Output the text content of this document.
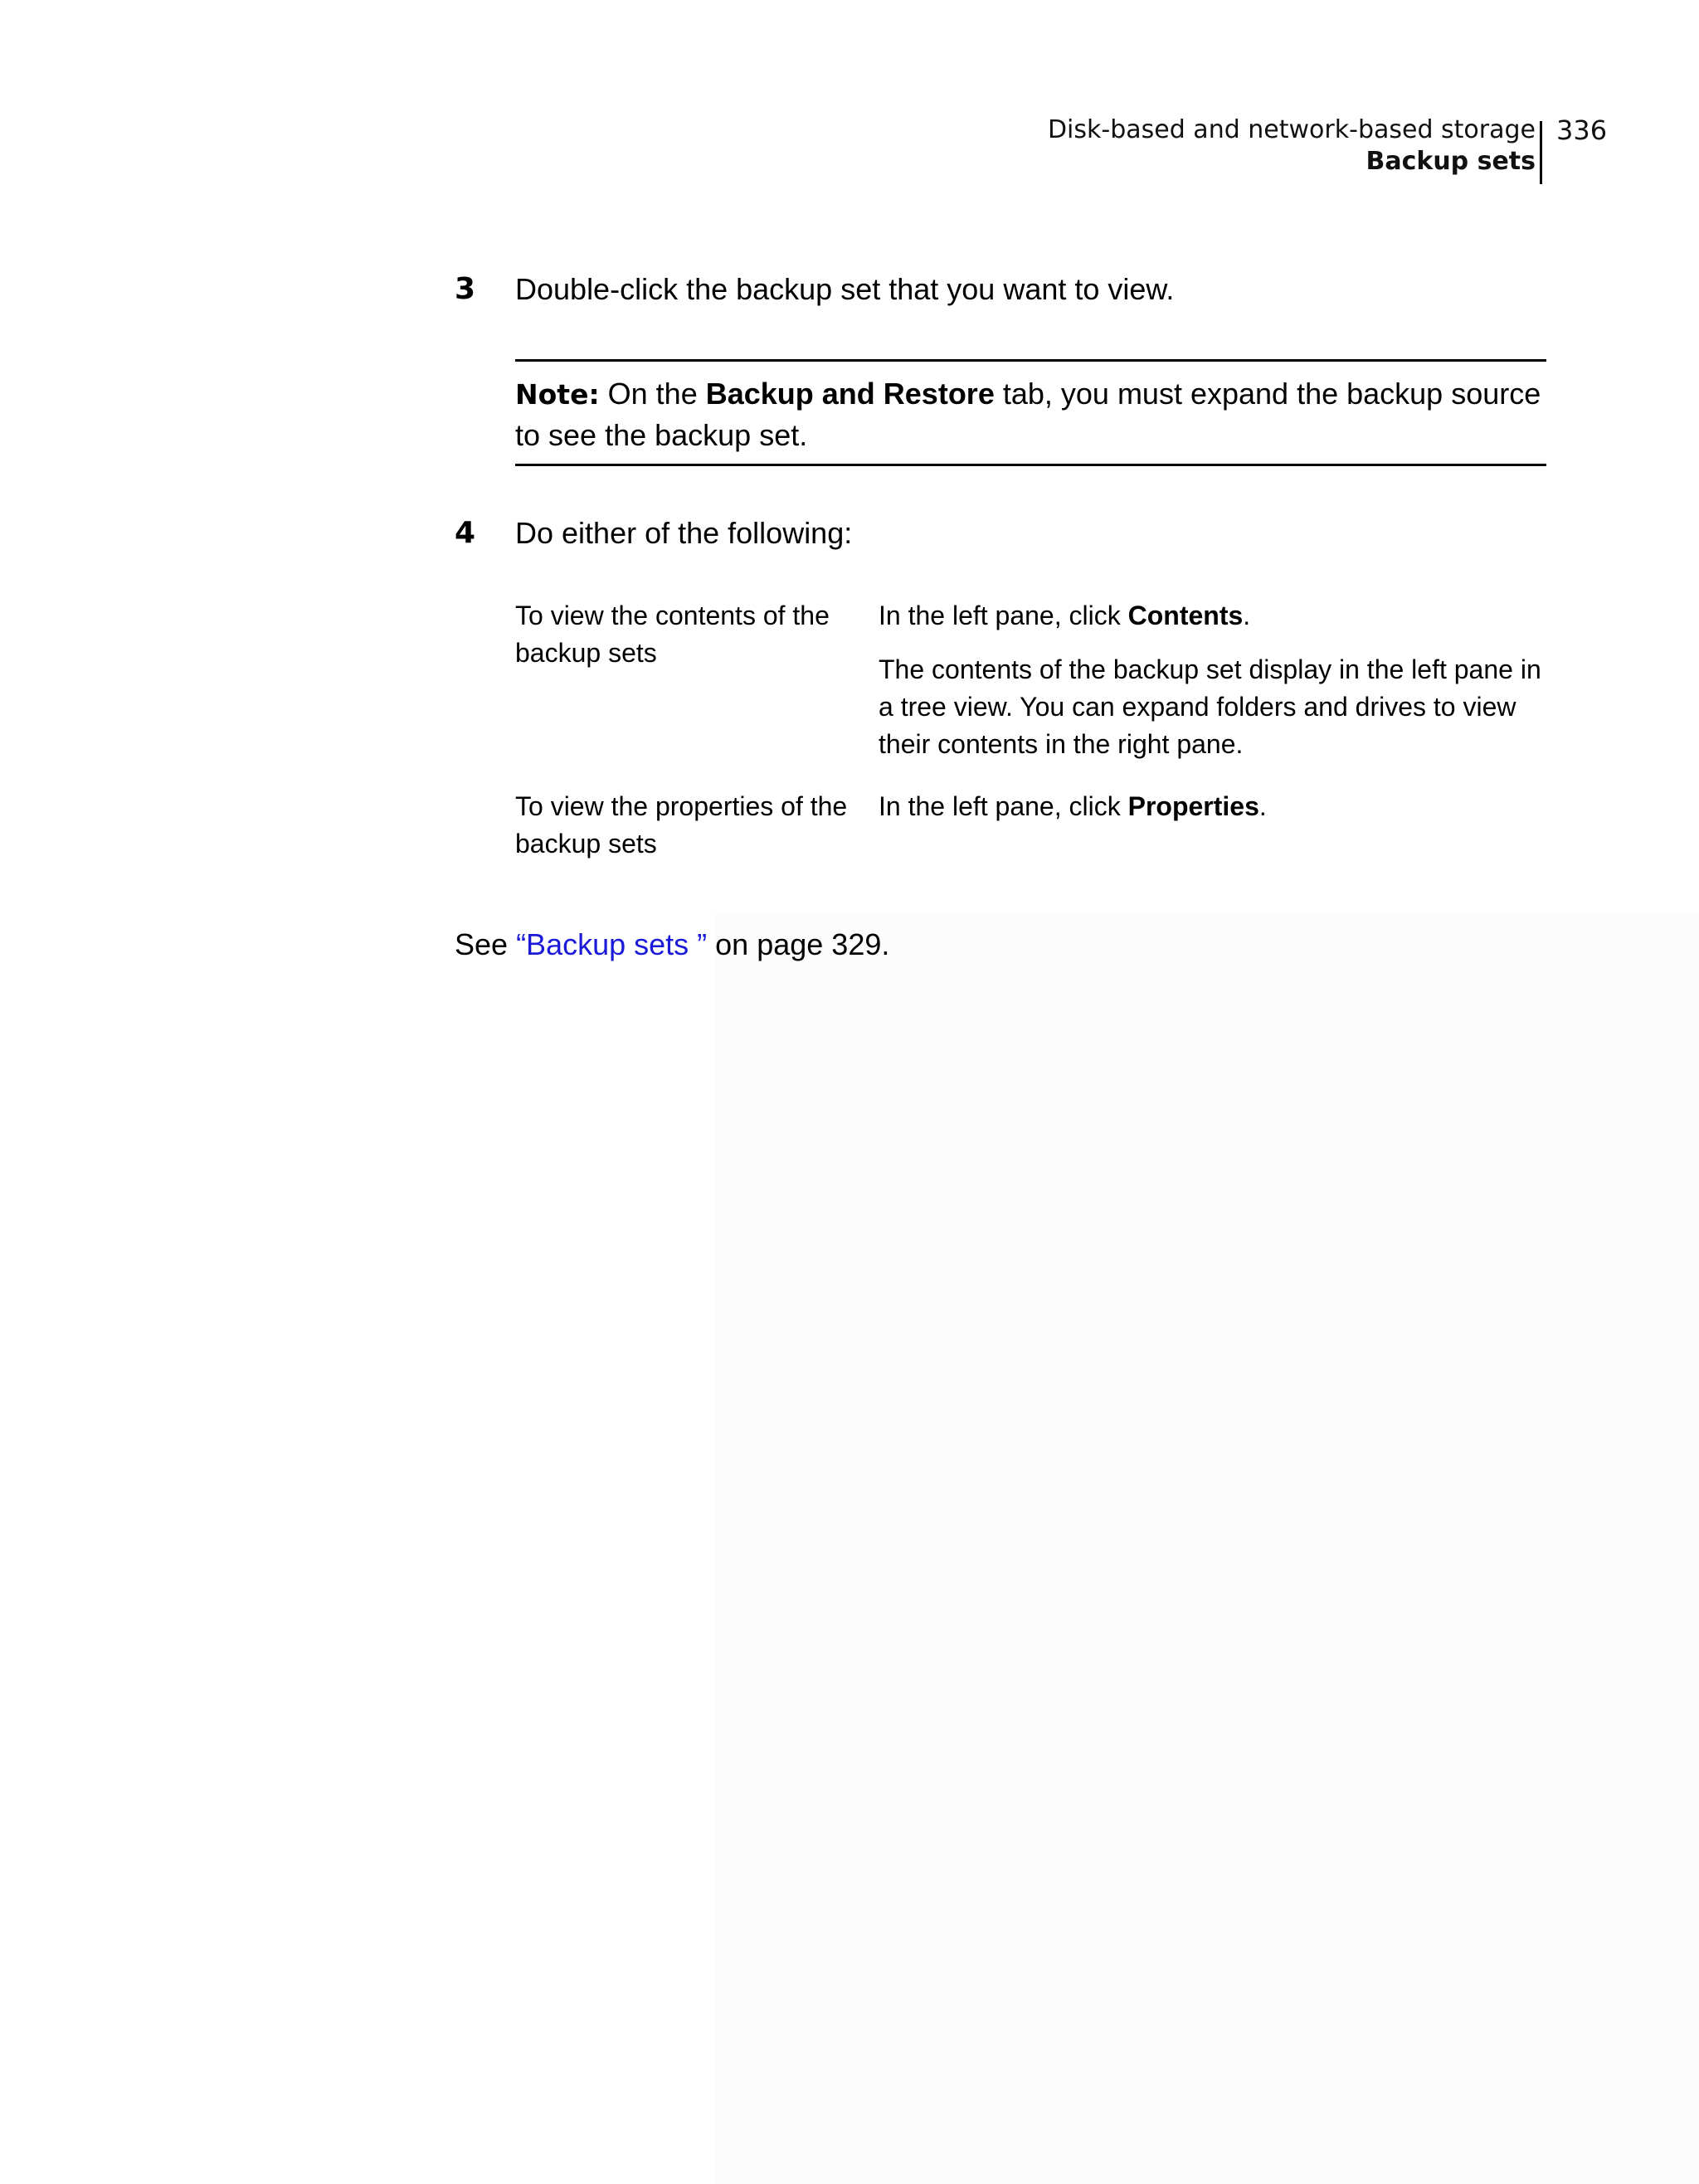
Disk-based and network-based storage
Backup sets
336
3 Double-click the backup set that you want to view.

Note: On the Backup and Restore tab, you must expand the backup source to see the backup set.

4 Do either of the following:
To view the contents of the backup sets

In the left pane, click Contents.

The contents of the backup set display in the left pane in a tree view. You can expand folders and drives to view their contents in the right pane.

To view the properties of the backup sets

In the left pane, click Properties.

See “Backup sets ” on page 329.
